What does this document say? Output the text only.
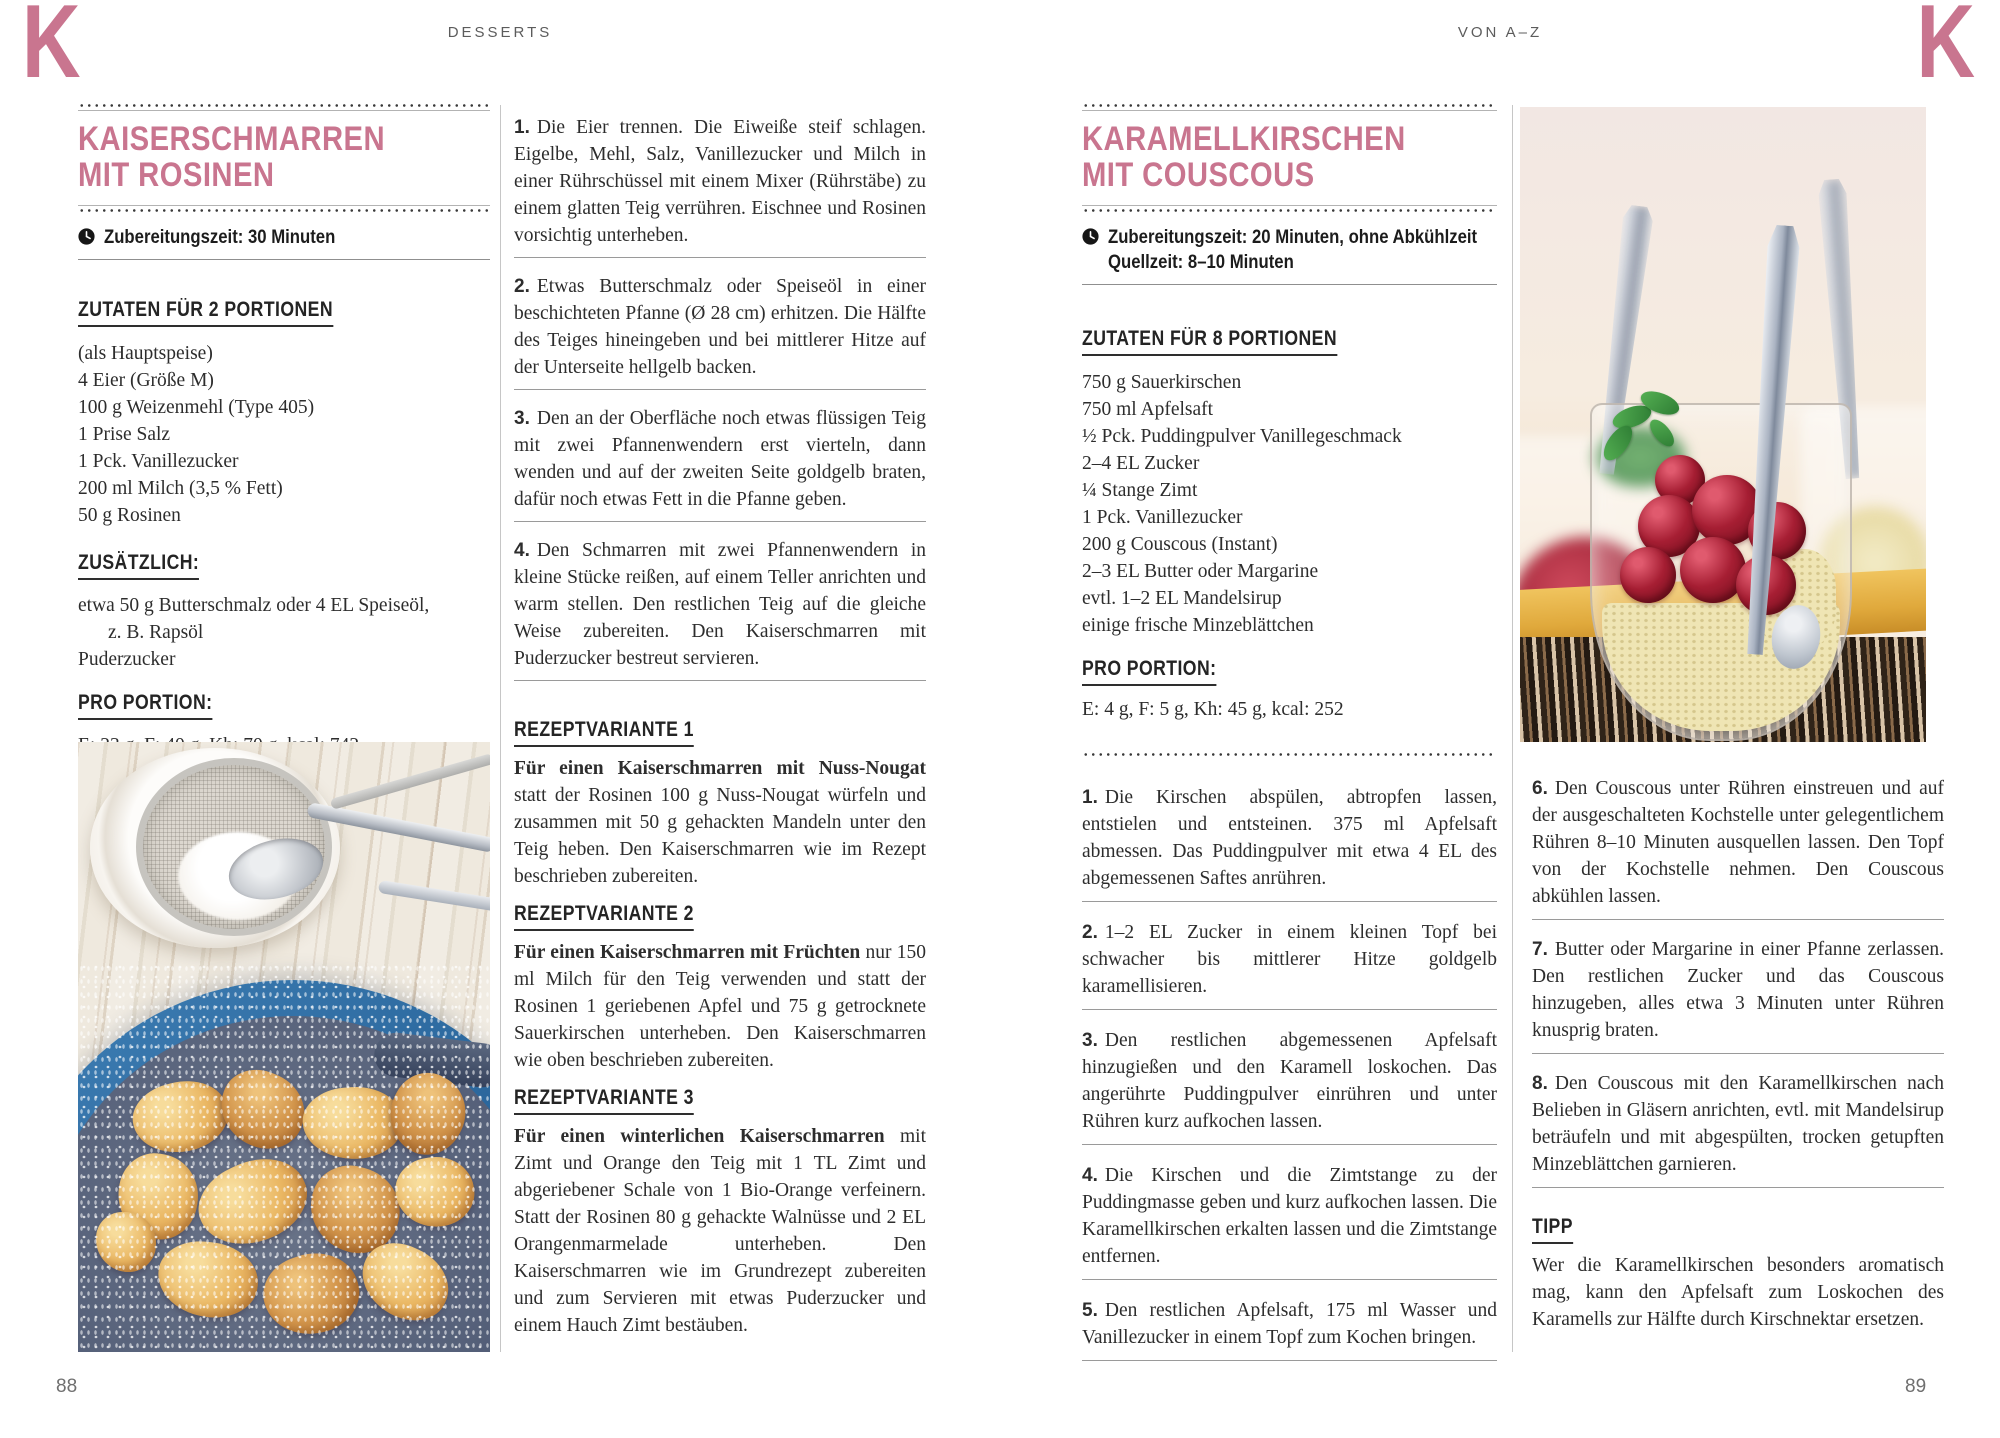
K	DESSERTS	VON A–Z	K
KAISERSCHMARREN
MIT ROSINEN
Zubereitungszeit: 30 Minuten
ZUTATEN FÜR 2 PORTIONEN
(als Hauptspeise)
4 Eier (Größe M)
100 g Weizenmehl (Type 405)
1 Prise Salz
1 Pck. Vanillezucker
200 ml Milch (3,5 % Fett)
50 g Rosinen
ZUSÄTZLICH:
etwa 50 g Butterschmalz oder 4 EL Speiseöl,
z. B. Rapsöl
Puderzucker
PRO PORTION:

1. Die Eier trennen. Die Eiweiße steif schlagen. Eigelbe, Mehl, Salz, Vanillezucker und Milch in einer Rührschüssel mit einem Mixer (Rührstäbe) zu einem glatten Teig verrühren. Eischnee und Rosinen vorsichtig unterheben.

2. Etwas Butterschmalz oder Speiseöl in einer beschichteten Pfanne (Ø 28 cm) erhitzen. Die Hälfte des Teiges hineingeben und bei mittlerer Hitze auf der Unterseite hellgelb backen.

3. Den an der Oberfläche noch etwas flüssigen Teig mit zwei Pfannenwendern erst vierteln, dann wenden und auf der zweiten Seite goldgelb braten, dafür noch etwas Fett in die Pfanne geben.

4. Den Schmarren mit zwei Pfannenwendern in kleine Stücke reißen, auf einem Teller anrichten und warm stellen. Den restlichen Teig auf die gleiche Weise zubereiten. Den Kaiserschmarren mit Puderzucker bestreut servieren.

REZEPTVARIANTE 1

Für einen Kaiserschmarren mit Nuss-Nougat statt der Rosinen 100 g Nuss-Nougat würfeln und zusammen mit 50 g gehackten Mandeln unter den Teig heben. Den Kaiserschmarren wie im Rezept beschrieben zubereiten.

REZEPTVARIANTE 2

Für einen Kaiserschmarren mit Früchten nur 150 ml Milch für den Teig verwenden und statt der Rosinen 1 geriebenen Apfel und 75 g getrocknete Sauerkirschen unterheben. Den Kaiserschmarren wie oben beschrieben zubereiten.

REZEPTVARIANTE 3

Für einen winterlichen Kaiserschmarren mit Zimt und Orange den Teig mit 1 TL Zimt und abgeriebener Schale von 1 Bio-Orange verfeinern. Statt der Rosinen 80 g gehackte Walnüsse und 2 EL Orangenmarmelade unterheben. Den Kaiserschmarren wie im Grundrezept zubereiten und zum Servieren mit etwas Puderzucker und einem Hauch Zimt bestäuben.

88
KARAMELLKIRSCHEN
MIT COUSCOUS
Zubereitungszeit: 20 Minuten, ohne Abkühlzeit
Quellzeit: 8–10 Minuten
ZUTATEN FÜR 8 PORTIONEN
750 g Sauerkirschen
750 ml Apfelsaft
½ Pck. Puddingpulver Vanillegeschmack
2–4 EL Zucker
¼ Stange Zimt
1 Pck. Vanillezucker
200 g Couscous (Instant)
2–3 EL Butter oder Margarine
evtl. 1–2 EL Mandelsirup
einige frische Minzeblättchen
PRO PORTION:
E: 4 g, F: 5 g, Kh: 45 g, kcal: 252

1. Die Kirschen abspülen, abtropfen lassen, entstielen und entsteinen. 375 ml Apfelsaft abmessen. Das Puddingpulver mit etwa 4 EL des abgemessenen Saftes anrühren.

2. 1–2 EL Zucker in einem kleinen Topf bei schwacher bis mittlerer Hitze goldgelb karamellisieren.

3. Den restlichen abgemessenen Apfelsaft hinzugießen und den Karamell loskochen. Das angerührte Puddingpulver einrühren und unter Rühren kurz aufkochen lassen.

4. Die Kirschen und die Zimtstange zu der Puddingmasse geben und kurz aufkochen lassen. Die Karamellkirschen erkalten lassen und die Zimtstange entfernen.

5. Den restlichen Apfelsaft, 175 ml Wasser und Vanillezucker in einem Topf zum Kochen bringen.

6. Den Couscous unter Rühren einstreuen und auf der ausgeschalteten Kochstelle unter gelegentlichem Rühren 8–10 Minuten ausquellen lassen. Den Topf von der Kochstelle nehmen. Den Couscous abkühlen lassen.

7. Butter oder Margarine in einer Pfanne zerlassen. Den restlichen Zucker und das Couscous hinzugeben, alles etwa 3 Minuten unter Rühren knusprig braten.

8. Den Couscous mit den Karamellkirschen nach Belieben in Gläsern anrichten, evtl. mit Mandelsirup beträufeln und mit abgespülten, trocken getupften Minzeblättchen garnieren.

TIPP

Wer die Karamellkirschen besonders aromatisch mag, kann den Apfelsaft zum Loskochen des Karamells zur Hälfte durch Kirschnektar ersetzen.

89
